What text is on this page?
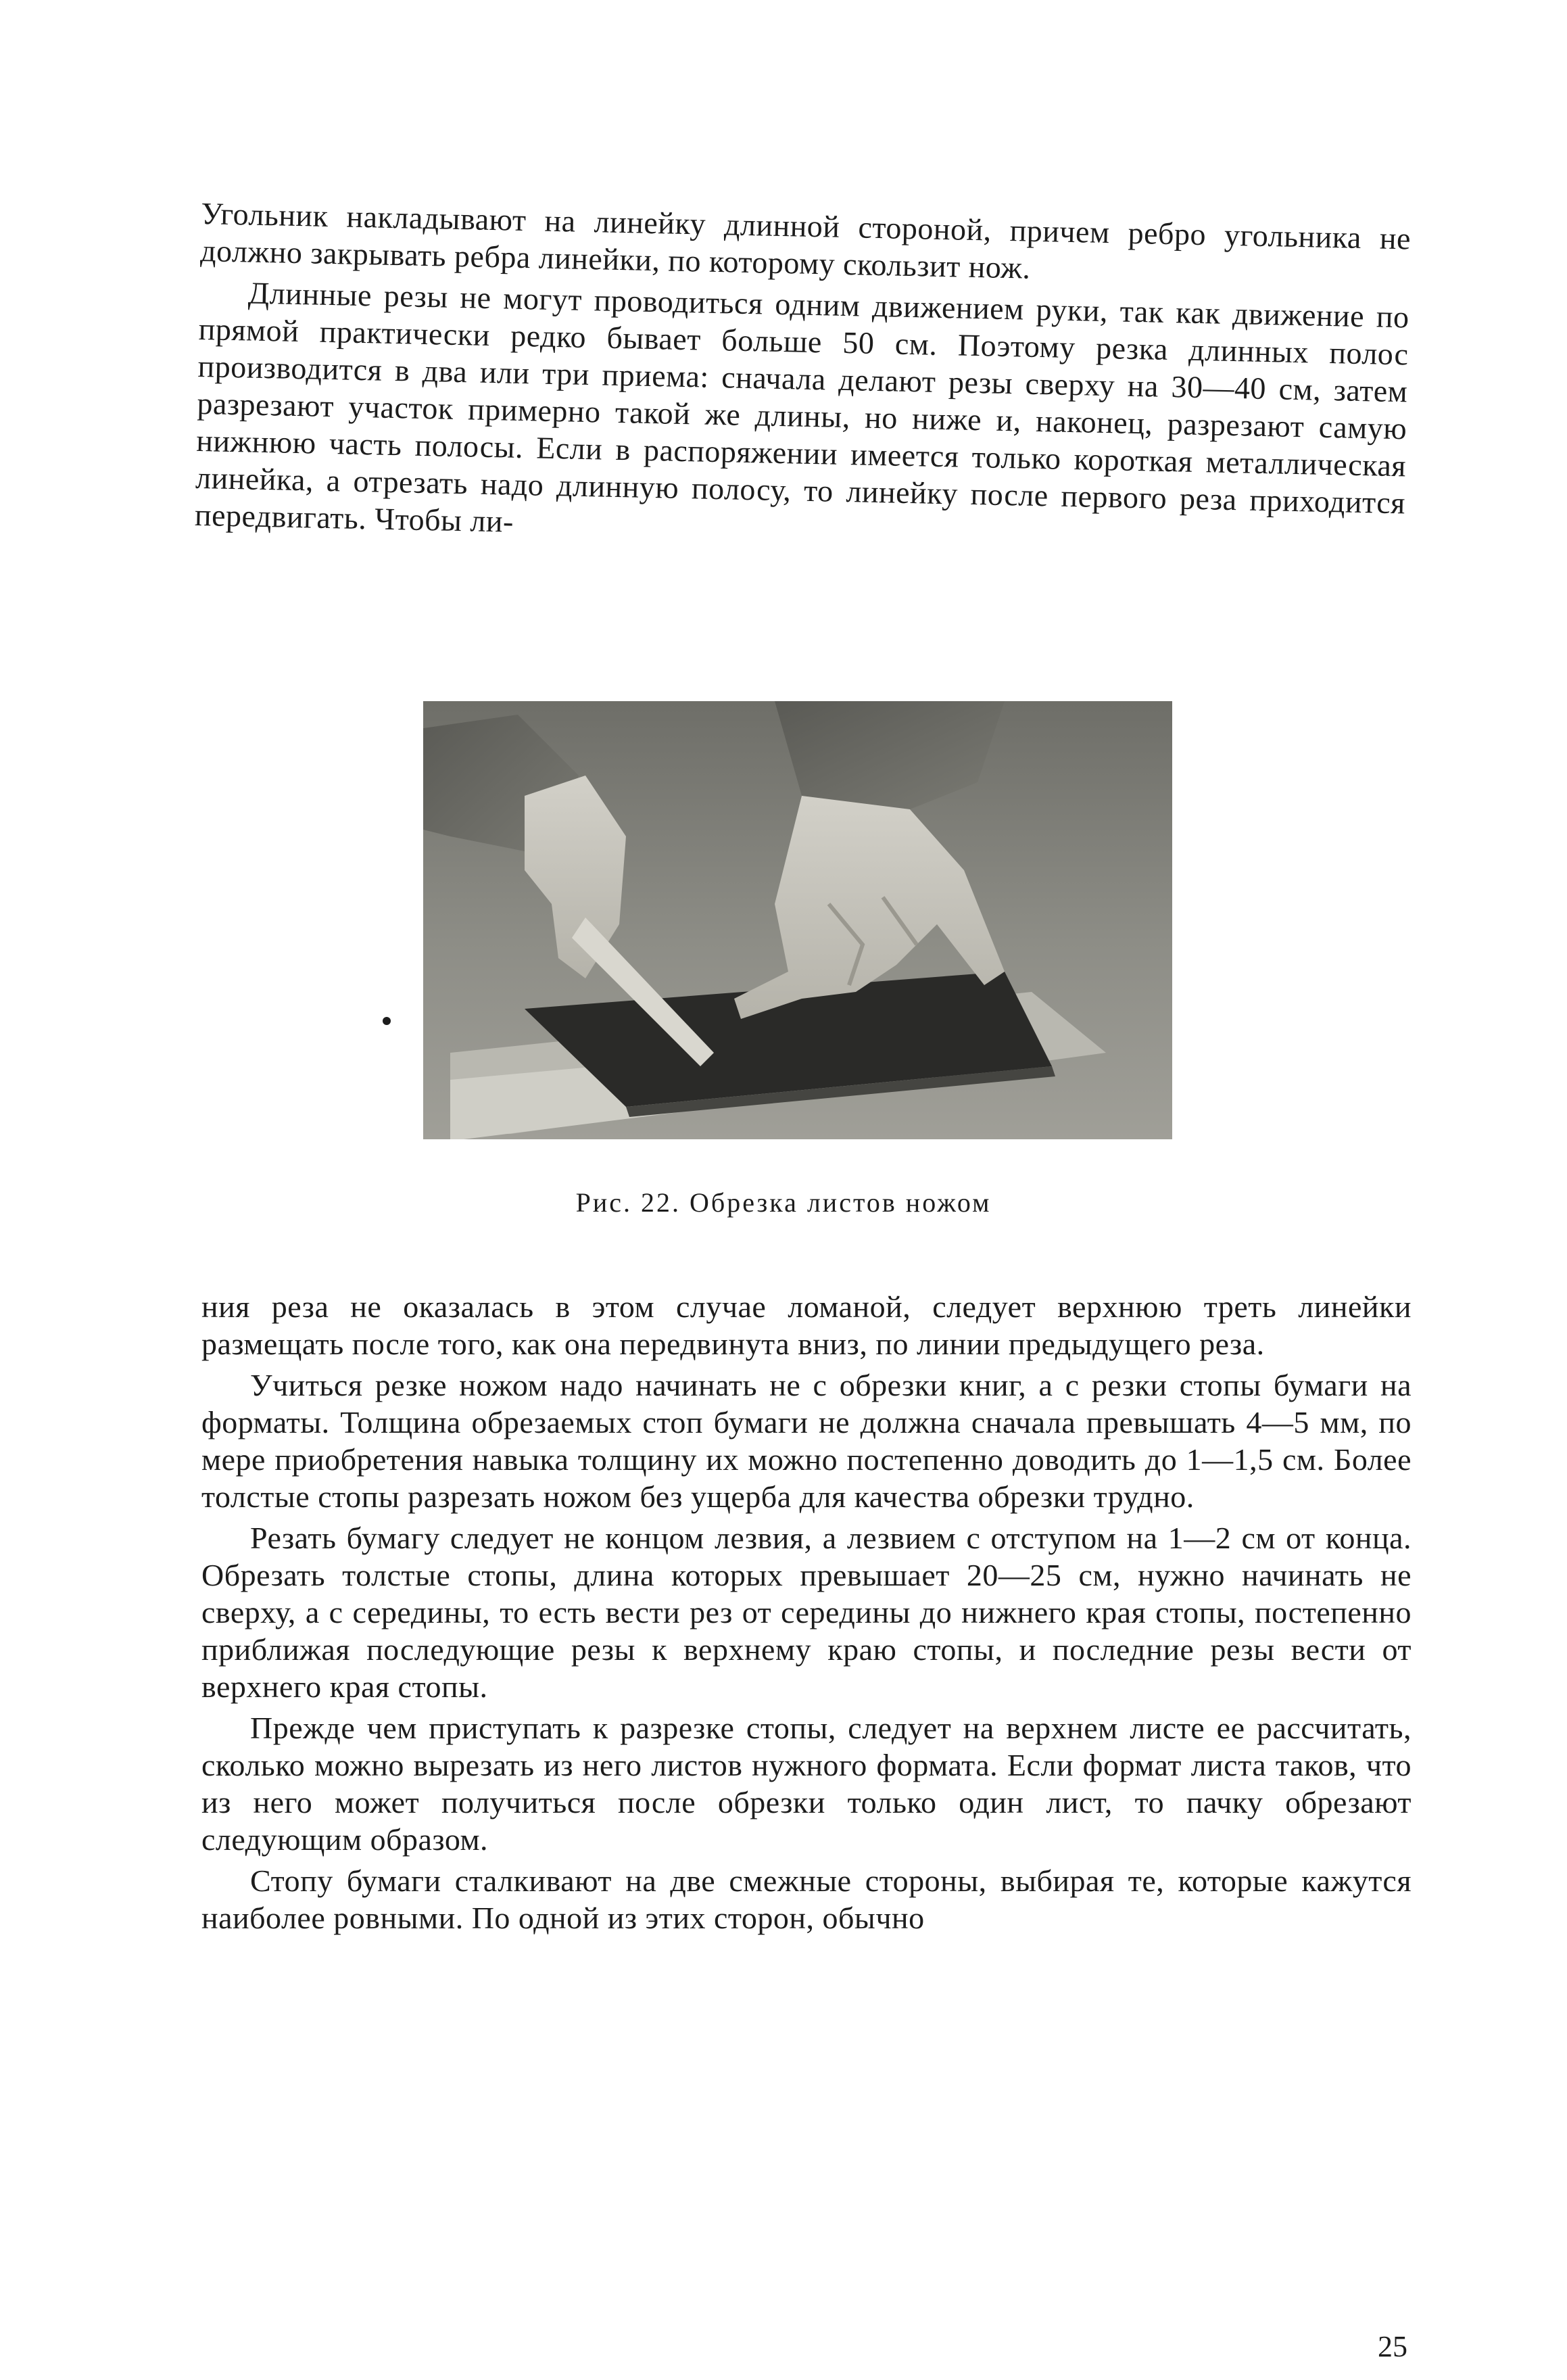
Угольник накладывают на линейку длинной стороной, причем ребро угольника не должно закрывать ребра линейки, по которому скользит нож.

Длинные резы не могут проводиться одним движением руки, так как движение по прямой практически редко бывает больше 50 см. Поэтому резка длинных полос производится в два или три приема: сначала делают резы сверху на 30—40 см, затем разрезают участок примерно такой же длины, но ниже и, наконец, разрезают самую нижнюю часть полосы. Если в распоряжении имеется только короткая металлическая линейка, а отрезать надо длинную полосу, то линейку после первого реза приходится передвигать. Чтобы ли-

Рис. 22. Обрезка листов ножом

ния реза не оказалась в этом случае ломаной, следует верхнюю треть линейки размещать после того, как она передвинута вниз, по линии предыдущего реза.

Учиться резке ножом надо начинать не с обрезки книг, а с резки стопы бумаги на форматы. Толщина обрезаемых стоп бумаги не должна сначала превышать 4—5 мм, по мере приобретения навыка толщину их можно постепенно доводить до 1—1,5 см. Более толстые стопы разрезать ножом без ущерба для качества обрезки трудно.

Резать бумагу следует не концом лезвия, а лезвием с отступом на 1—2 см от конца. Обрезать толстые стопы, длина которых превышает 20—25 см, нужно начинать не сверху, а с середины, то есть вести рез от середины до нижнего края стопы, постепенно приближая последующие резы к верхнему краю стопы, и последние резы вести от верхнего края стопы.

Прежде чем приступать к разрезке стопы, следует на верхнем листе ее рассчитать, сколько можно вырезать из него листов нужного формата. Если формат листа таков, что из него может получиться после обрезки только один лист, то пачку обрезают следующим образом.

Стопу бумаги сталкивают на две смежные стороны, выбирая те, которые кажутся наиболее ровными. По одной из этих сторон, обычно

25
